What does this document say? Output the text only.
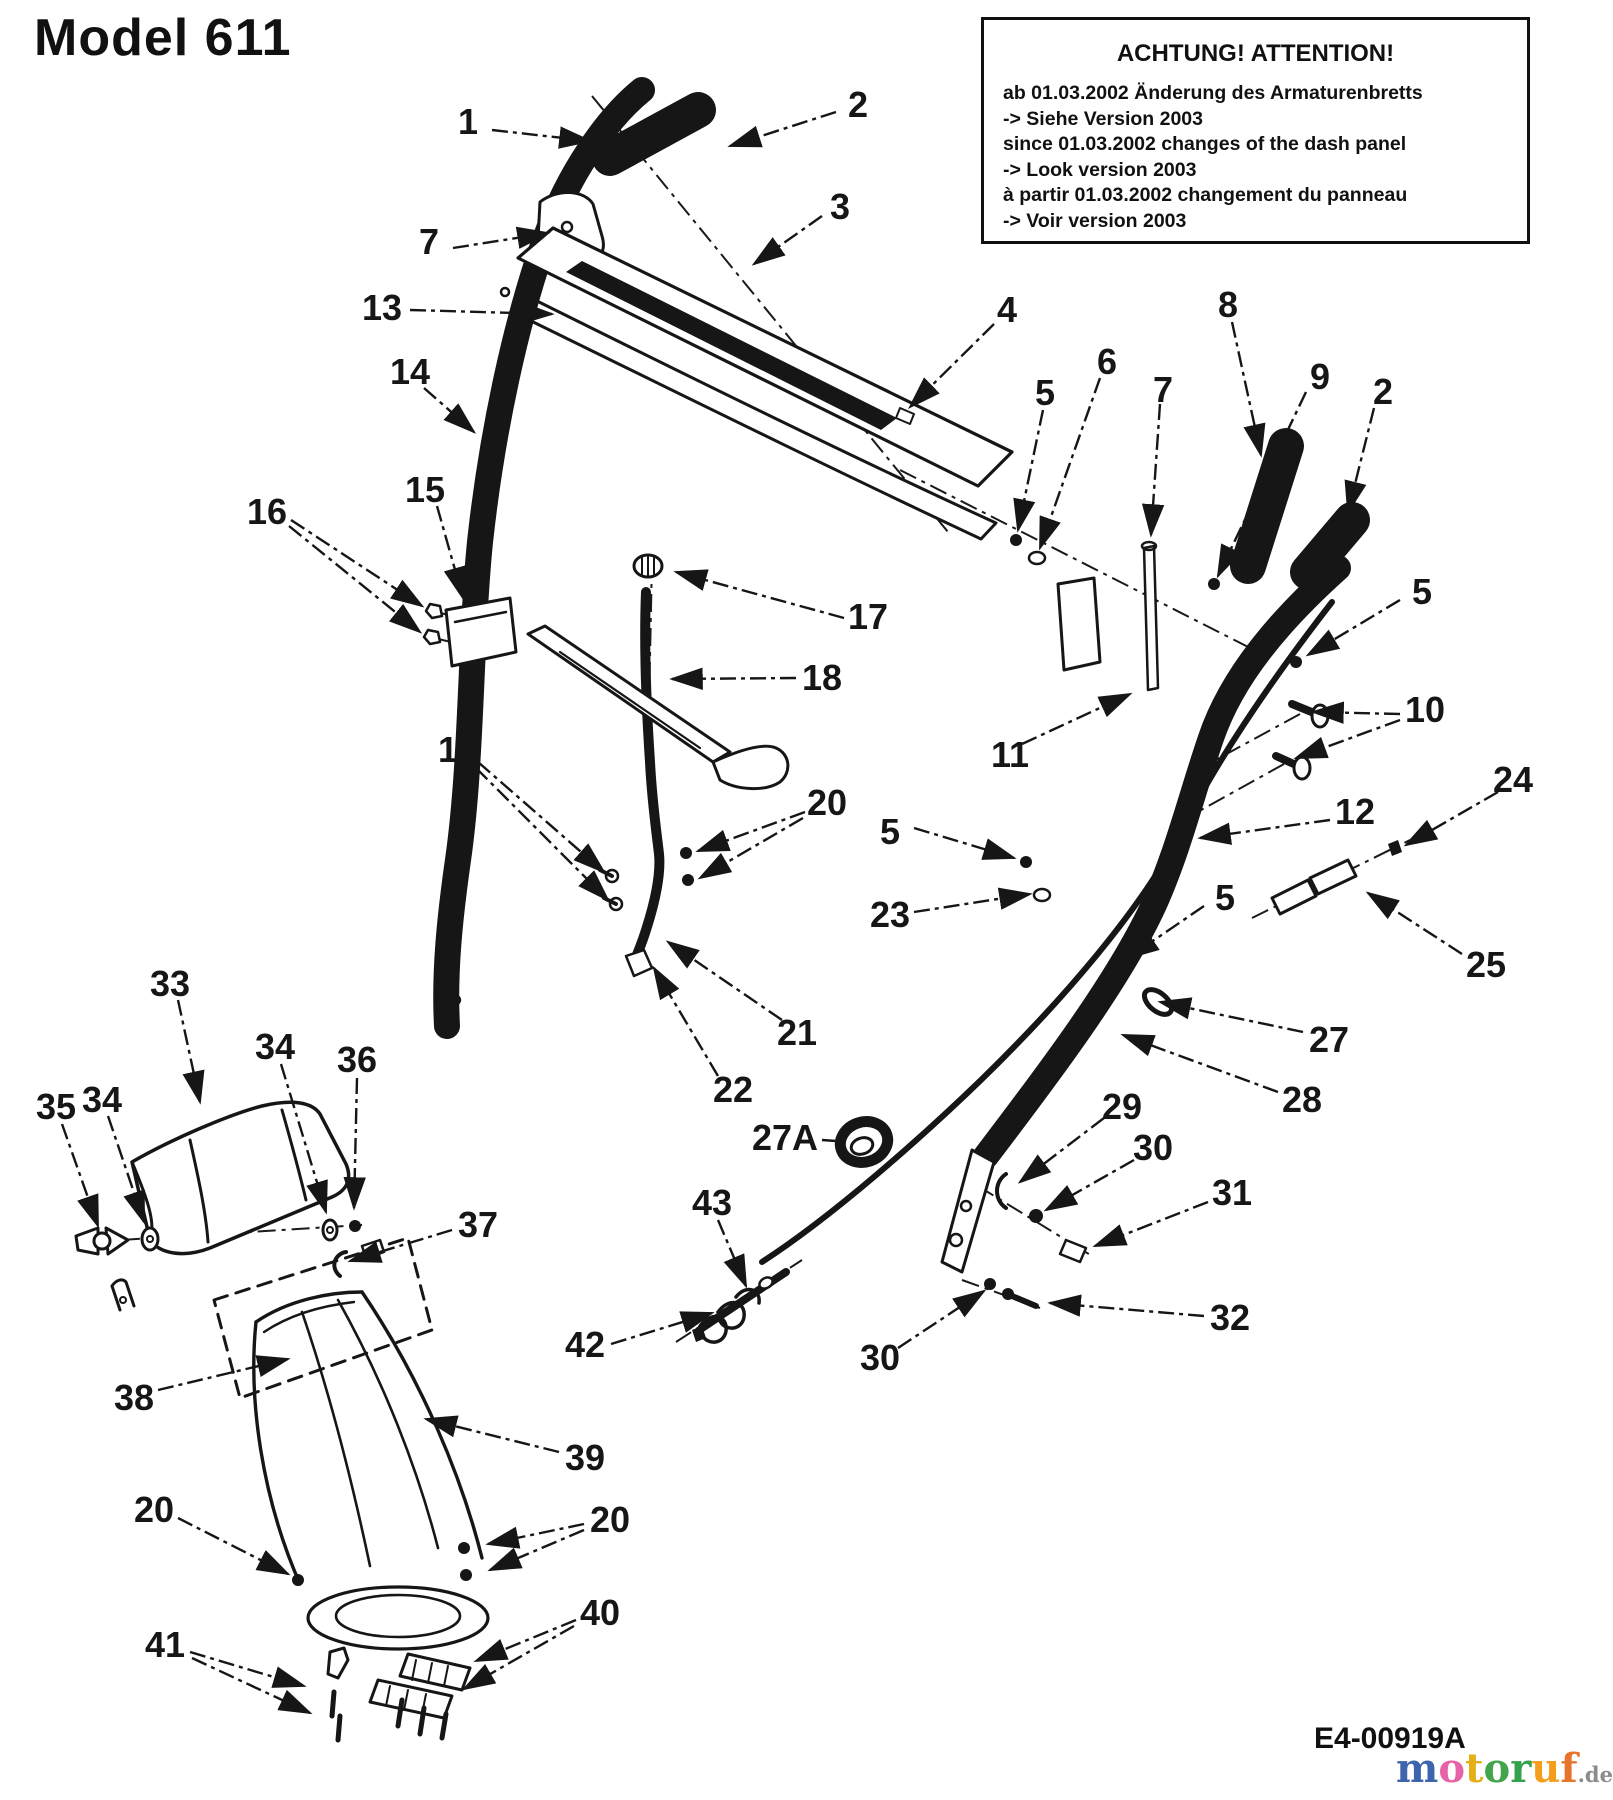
1	2
3
7
13
14
4	8
5
6
7	9 2
15
16
17
18
5
10
11
19
20	12
24
5
23
5
25
27
28
21
22
27A
29
30
31
32
30
43
42
33
34
35
34 36
37
38
39
20	20
40
41
Model 611	ACHTUNG! ATTENTION!
ab 01.03.2002 Änderung des Armaturenbretts
-> Siehe Version 2003
since 01.03.2002 changes of the dash panel
-> Look version 2003
à partir 01.03.2002 changement du panneau
-> Voir version 2003
E4-00919A
motoruf.de
